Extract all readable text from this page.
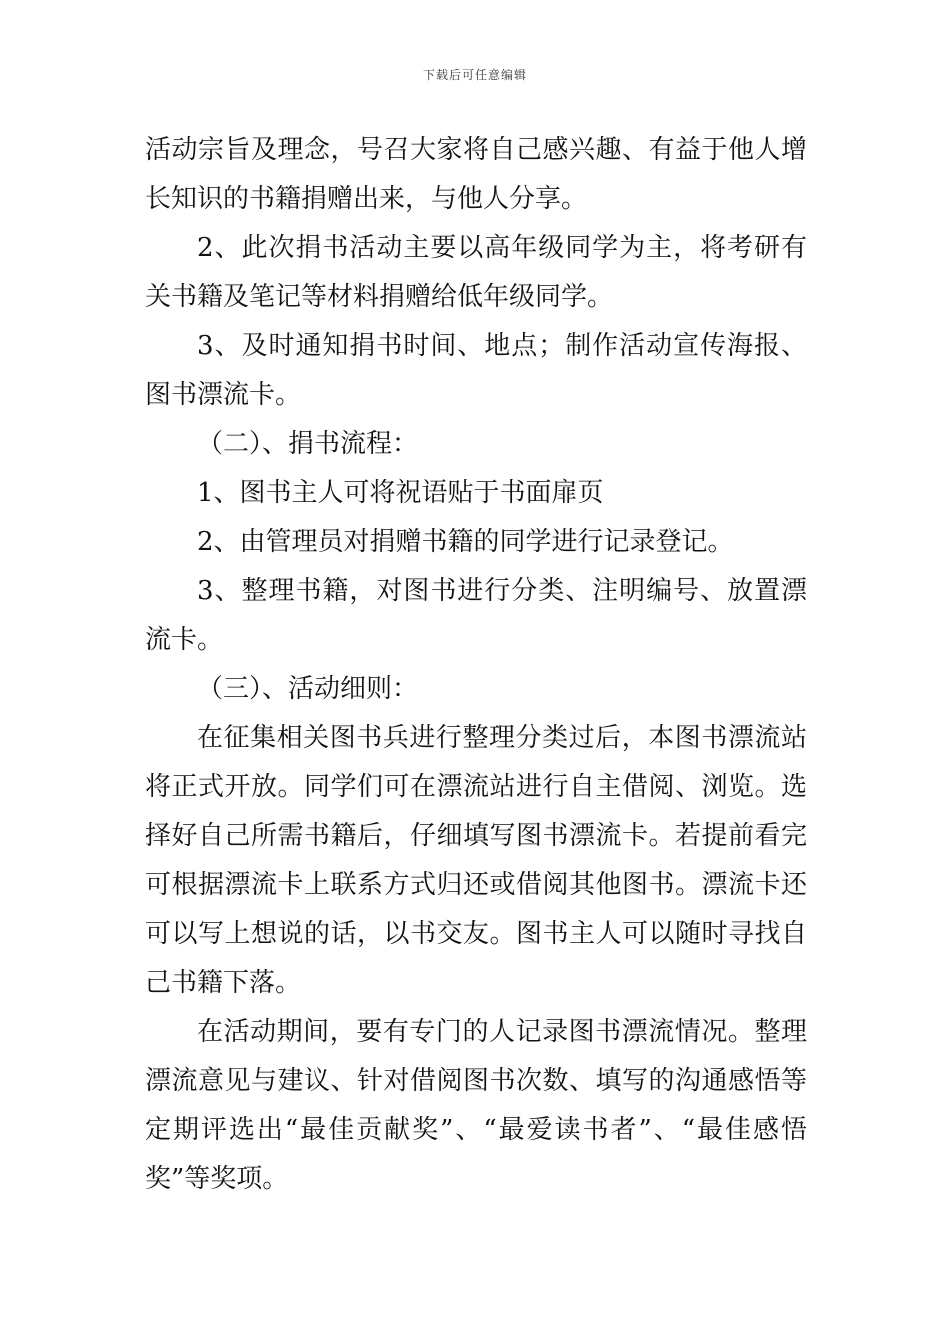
下载后可任意编辑

活动宗旨及理念，号召大家将自己感兴趣、有益于他人增长知识的书籍捐赠出来，与他人分享。

2、此次捐书活动主要以高年级同学为主，将考研有关书籍及笔记等材料捐赠给低年级同学。

3、及时通知捐书时间、地点；制作活动宣传海报、图书漂流卡。

（二）、捐书流程：

1、图书主人可将祝语贴于书面扉页

2、由管理员对捐赠书籍的同学进行记录登记。

3、整理书籍，对图书进行分类、注明编号、放置漂流卡。

（三）、活动细则：

在征集相关图书兵进行整理分类过后，本图书漂流站将正式开放。同学们可在漂流站进行自主借阅、浏览。选择好自己所需书籍后，仔细填写图书漂流卡。若提前看完可根据漂流卡上联系方式归还或借阅其他图书。漂流卡还可以写上想说的话，以书交友。图书主人可以随时寻找自己书籍下落。

在活动期间，要有专门的人记录图书漂流情况。整理漂流意见与建议、针对借阅图书次数、填写的沟通感悟等定期评选出“最佳贡献奖”、“最爱读书者”、“最佳感悟奖”等奖项。
